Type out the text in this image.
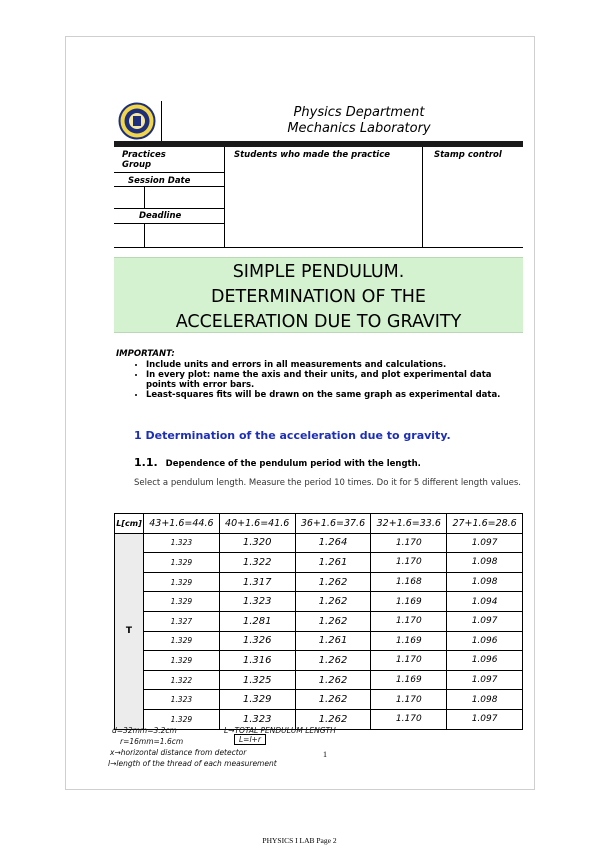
Physics Department
Mechanics Laboratory
Practices Group
Session Date
Deadline
Students who made the practice	Stamp control
SIMPLE PENDULUM.
DETERMINATION OF THE
ACCELERATION DUE TO GRAVITY
IMPORTANT:
• Include units and errors in all measurements and calculations.
• In every plot: name the axis and their units, and plot experimental data points with error bars.
• Least-squares fits will be drawn on the same graph as experimental data.
1 Determination of the acceleration due to gravity.
1.1. Dependence of the pendulum period with the length.
Select a pendulum length. Measure the period 10 times. Do it for 5 different length values.
L[cm]	43+1.6=44.6	40+1.6=41.6	36+1.6=37.6	32+1.6=33.6	27+1.6=28.6
T	1.323	1.320	1.264	1.170	1.097
	1.329	1.322	1.261	1.170	1.098
	1.329	1.317	1.262	1.168	1.098
	1.329	1.323	1.262	1.169	1.094
	1.327	1.281	1.262	1.170	1.097
	1.329	1.326	1.261	1.169	1.096
	1.329	1.316	1.262	1.170	1.096
	1.322	1.325	1.262	1.169	1.097
	1.323	1.329	1.262	1.170	1.098
	1.329	1.323	1.262	1.170	1.097
d=32mm=3.2cm	L→TOTAL PENDULUM LENGTH
r=16mm=1.6cm	L=l+r
x→horizontal distance from detector
l→length of the thread of each measurement
1
PHYSICS I LAB Page 2
